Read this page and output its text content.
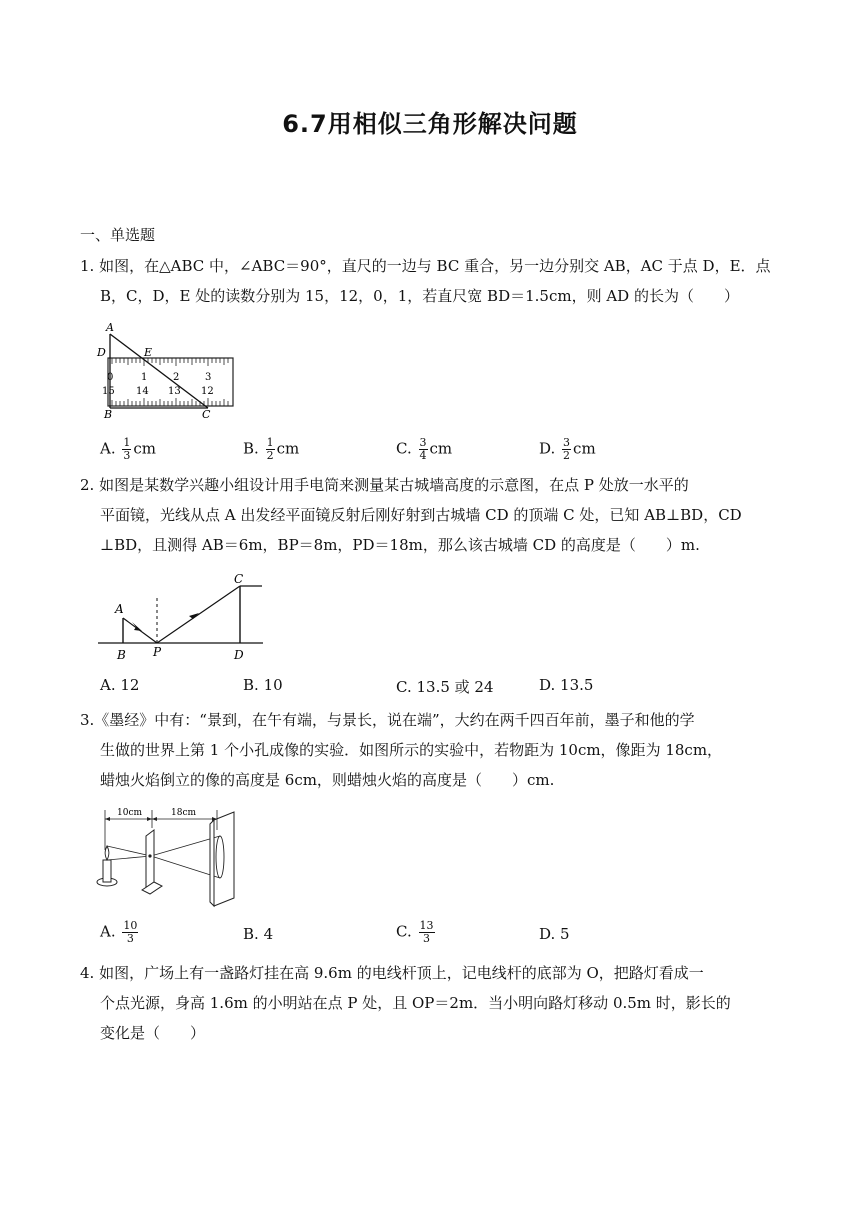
6.7用相似三角形解决问题
一、单选题

1. 如图，在△ABC 中，∠ABC＝90°，直尺的一边与 BC 重合，另一边分别交 AB，AC 于点 D，E．点

B，C，D，E 处的读数分别为 15，12，0，1，若直尺宽 BD＝1.5cm，则 AD 的长为（　　）

A
D	E
B	C
0	1	2	3
15 14 13 12
A. $\frac{1}{3}$ cm	B. $\frac{1}{2}$ cm	C. $\frac{3}{4}$ cm	D. $\frac{3}{2}$ cm

2. 如图是某数学兴趣小组设计用手电筒来测量某古城墙高度的示意图，在点 P 处放一水平的

平面镜，光线从点 A 出发经平面镜反射后刚好射到古城墙 CD 的顶端 C 处，已知 AB⊥BD，CD

⊥BD，且测得 AB＝6m，BP＝8m，PD＝18m，那么该古城墙 CD 的高度是（　　）m.

A
B P
C
D
A. 12	B. 10	C. 13.5 或 24	D. 13.5

3.《墨经》中有：“景到，在午有端，与景长，说在端”，大约在两千四百年前，墨子和他的学

生做的世界上第 1 个小孔成像的实验．如图所示的实验中，若物距为 10cm，像距为 18cm，

蜡烛火焰倒立的像的高度是 6cm，则蜡烛火焰的高度是（　　）cm.

10cm	18cm
A. $\frac{10}{3}$	B. 4	C. $\frac{13}{3}$	D. 5

4. 如图，广场上有一盏路灯挂在高 9.6m 的电线杆顶上，记电线杆的底部为 O，把路灯看成一

个点光源，身高 1.6m 的小明站在点 P 处，且 OP＝2m．当小明向路灯移动 0.5m 时，影长的

变化是（　　）
